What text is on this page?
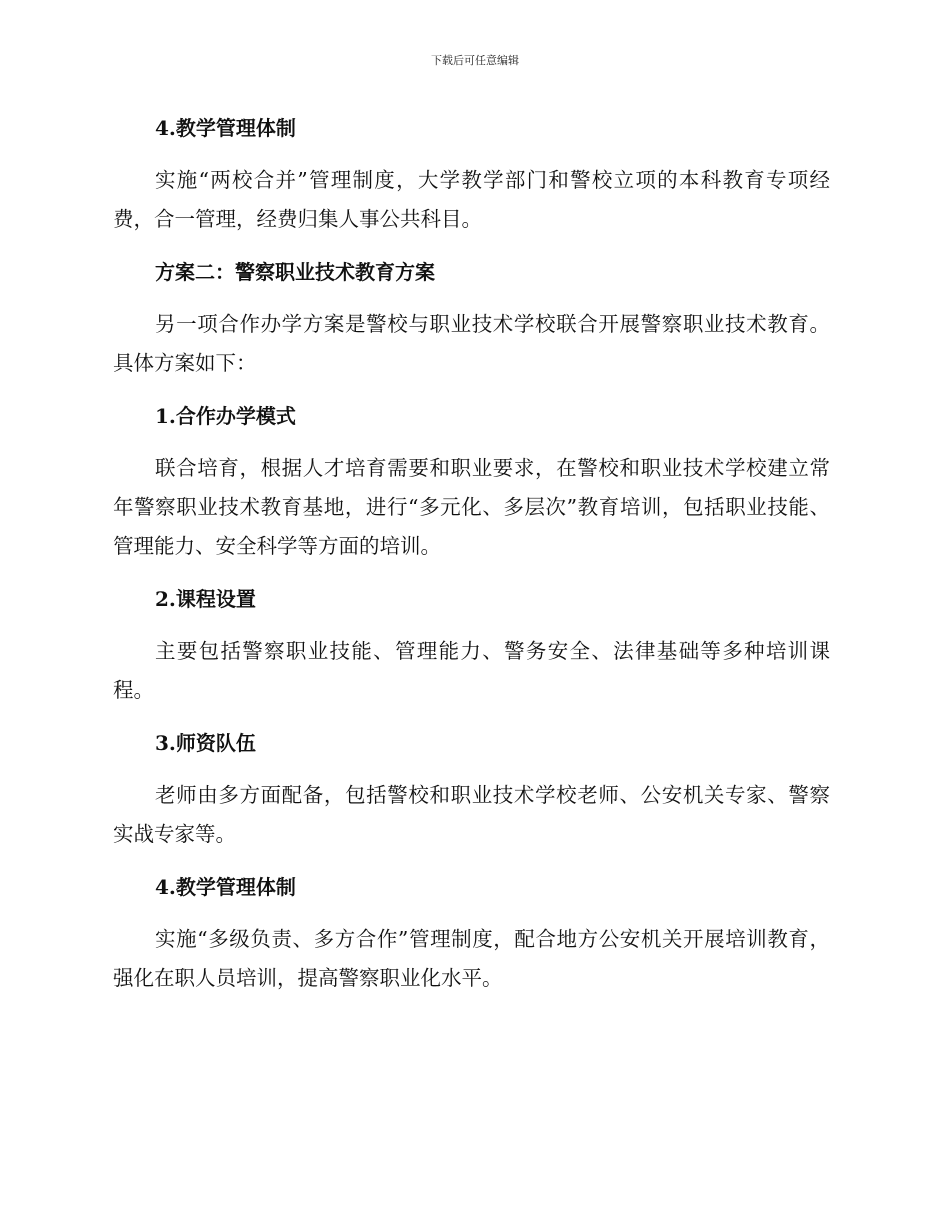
下载后可任意编辑
4.教学管理体制

实施“两校合并”管理制度，大学教学部门和警校立项的本科教育专项经费，合一管理，经费归集人事公共科目。

方案二：警察职业技术教育方案

另一项合作办学方案是警校与职业技术学校联合开展警察职业技术教育。具体方案如下：

1.合作办学模式

联合培育，根据人才培育需要和职业要求，在警校和职业技术学校建立常年警察职业技术教育基地，进行“多元化、多层次”教育培训，包括职业技能、管理能力、安全科学等方面的培训。

2.课程设置

主要包括警察职业技能、管理能力、警务安全、法律基础等多种培训课程。

3.师资队伍

老师由多方面配备，包括警校和职业技术学校老师、公安机关专家、警察实战专家等。

4.教学管理体制

实施“多级负责、多方合作”管理制度，配合地方公安机关开展培训教育，强化在职人员培训，提高警察职业化水平。
